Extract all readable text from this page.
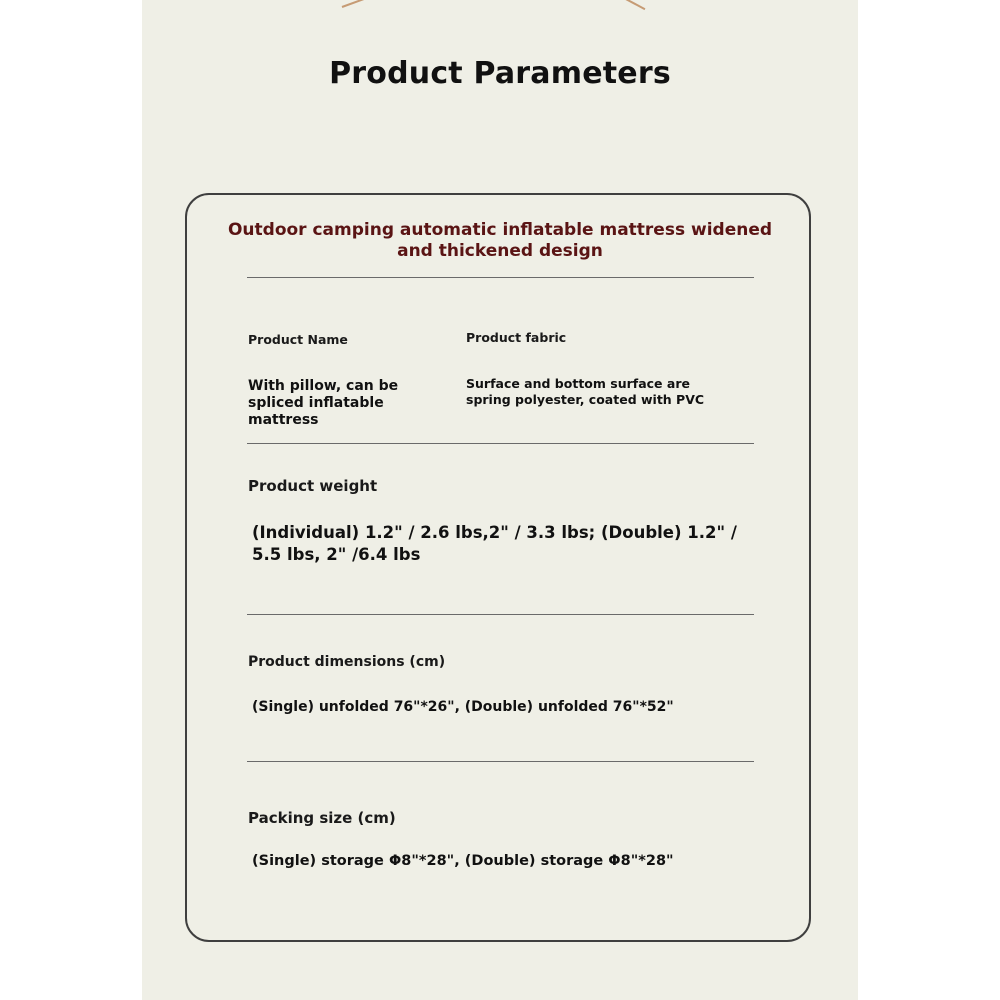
Product Parameters
Outdoor camping automatic inflatable mattress widened and thickened design
Product Name	Product fabric
With pillow, can be spliced inflatable mattress
Surface and bottom surface are spring polyester, coated with PVC
Product weight
(Individual) 1.2" / 2.6 lbs,2" / 3.3 lbs; (Double) 1.2" / 5.5 lbs, 2" /6.4 lbs
Product dimensions (cm)
(Single) unfolded 76"*26", (Double) unfolded 76"*52"
Packing size (cm)
(Single) storage Φ8"*28", (Double) storage Φ8"*28"
